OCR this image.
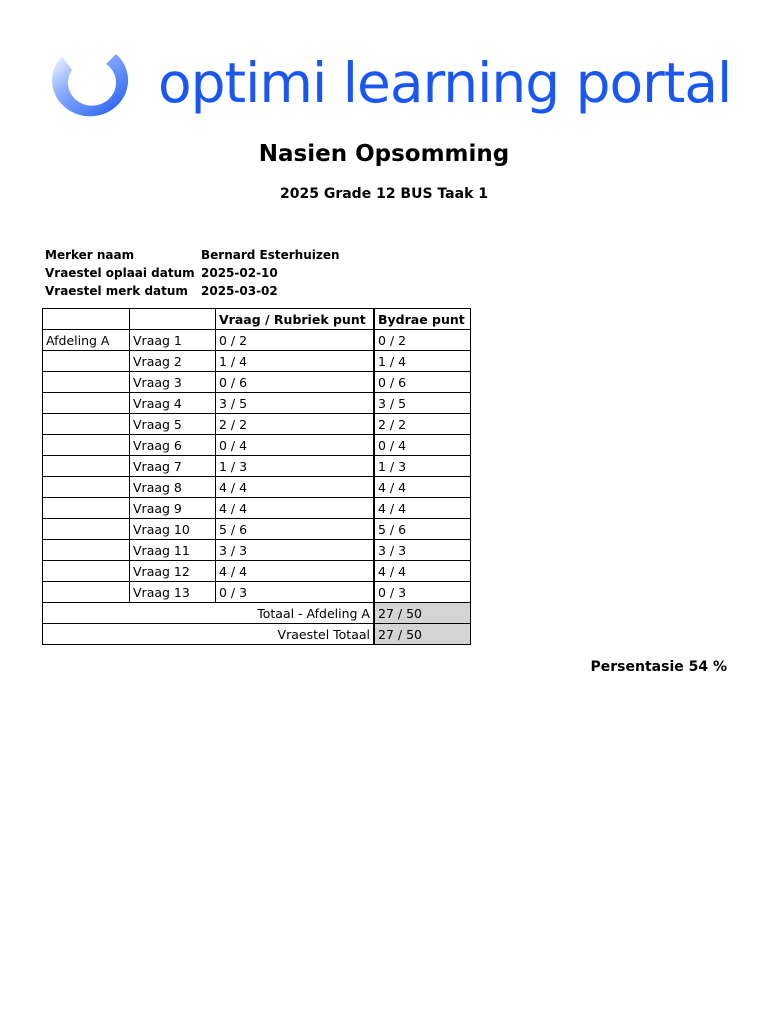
optimi learning portal
Nasien Opsomming
2025 Grade 12 BUS Taak 1
Merker naam	Bernard Esterhuizen
Vraestel oplaai datum 2025-02-10
Vraestel merk datum 2025-03-02
		Vraag / Rubriek punt	Bydrae punt
Afdeling A	Vraag 1	0 / 2	0 / 2
	Vraag 2	1 / 4	1 / 4
	Vraag 3	0 / 6	0 / 6
	Vraag 4	3 / 5	3 / 5
	Vraag 5	2 / 2	2 / 2
	Vraag 6	0 / 4	0 / 4
	Vraag 7	1 / 3	1 / 3
	Vraag 8	4 / 4	4 / 4
	Vraag 9	4 / 4	4 / 4
	Vraag 10	5 / 6	5 / 6
	Vraag 11	3 / 3	3 / 3
	Vraag 12	4 / 4	4 / 4
	Vraag 13	0 / 3	0 / 3
Totaal - Afdeling A			27 / 50
Vraestel Totaal			27 / 50
Persentasie 54 %
